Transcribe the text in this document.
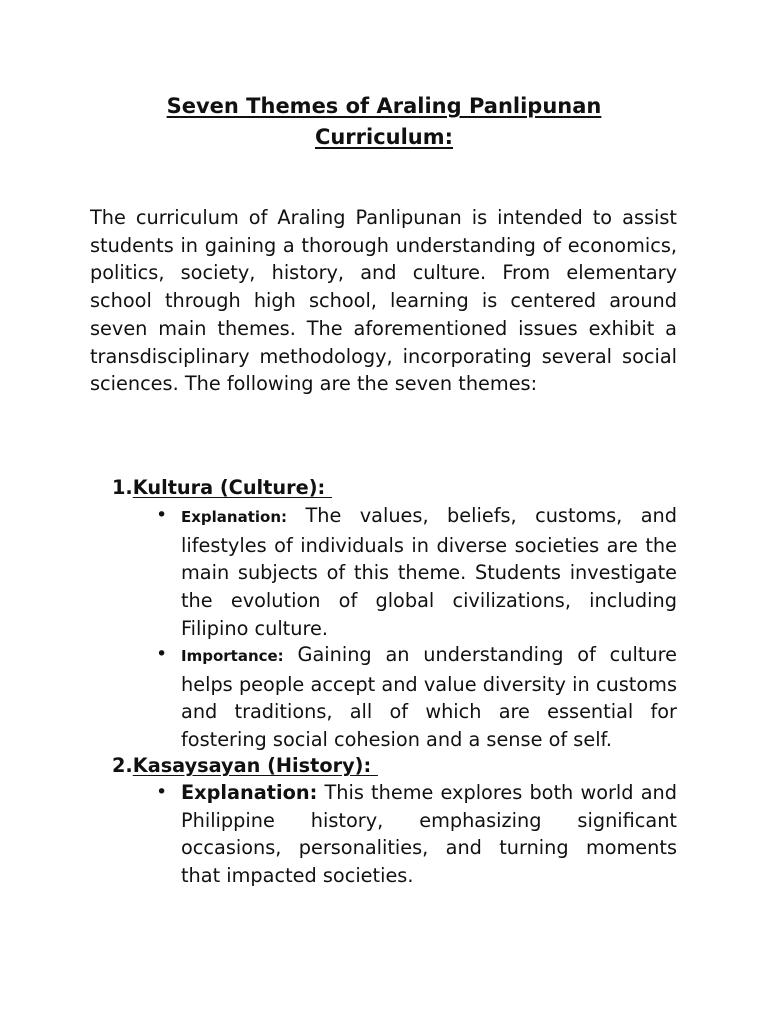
Seven Themes of Araling Panlipunan
Curriculum:

The curriculum of Araling Panlipunan is intended to assist students in gaining a thorough understanding of economics, politics, society, history, and culture. From elementary school through high school, learning is centered around seven main themes. The aforementioned issues exhibit a transdisciplinary methodology, incorporating several social sciences. The following are the seven themes:

1.Kultura (Culture):

• Explanation: The values, beliefs, customs, and lifestyles of individuals in diverse societies are the main subjects of this theme. Students investigate the evolution of global civilizations, including Filipino culture.

• Importance: Gaining an understanding of culture helps people accept and value diversity in customs and traditions, all of which are essential for fostering social cohesion and a sense of self.

2.Kasaysayan (History):

• Explanation: This theme explores both world and Philippine history, emphasizing significant occasions, personalities, and turning moments that impacted societies.
